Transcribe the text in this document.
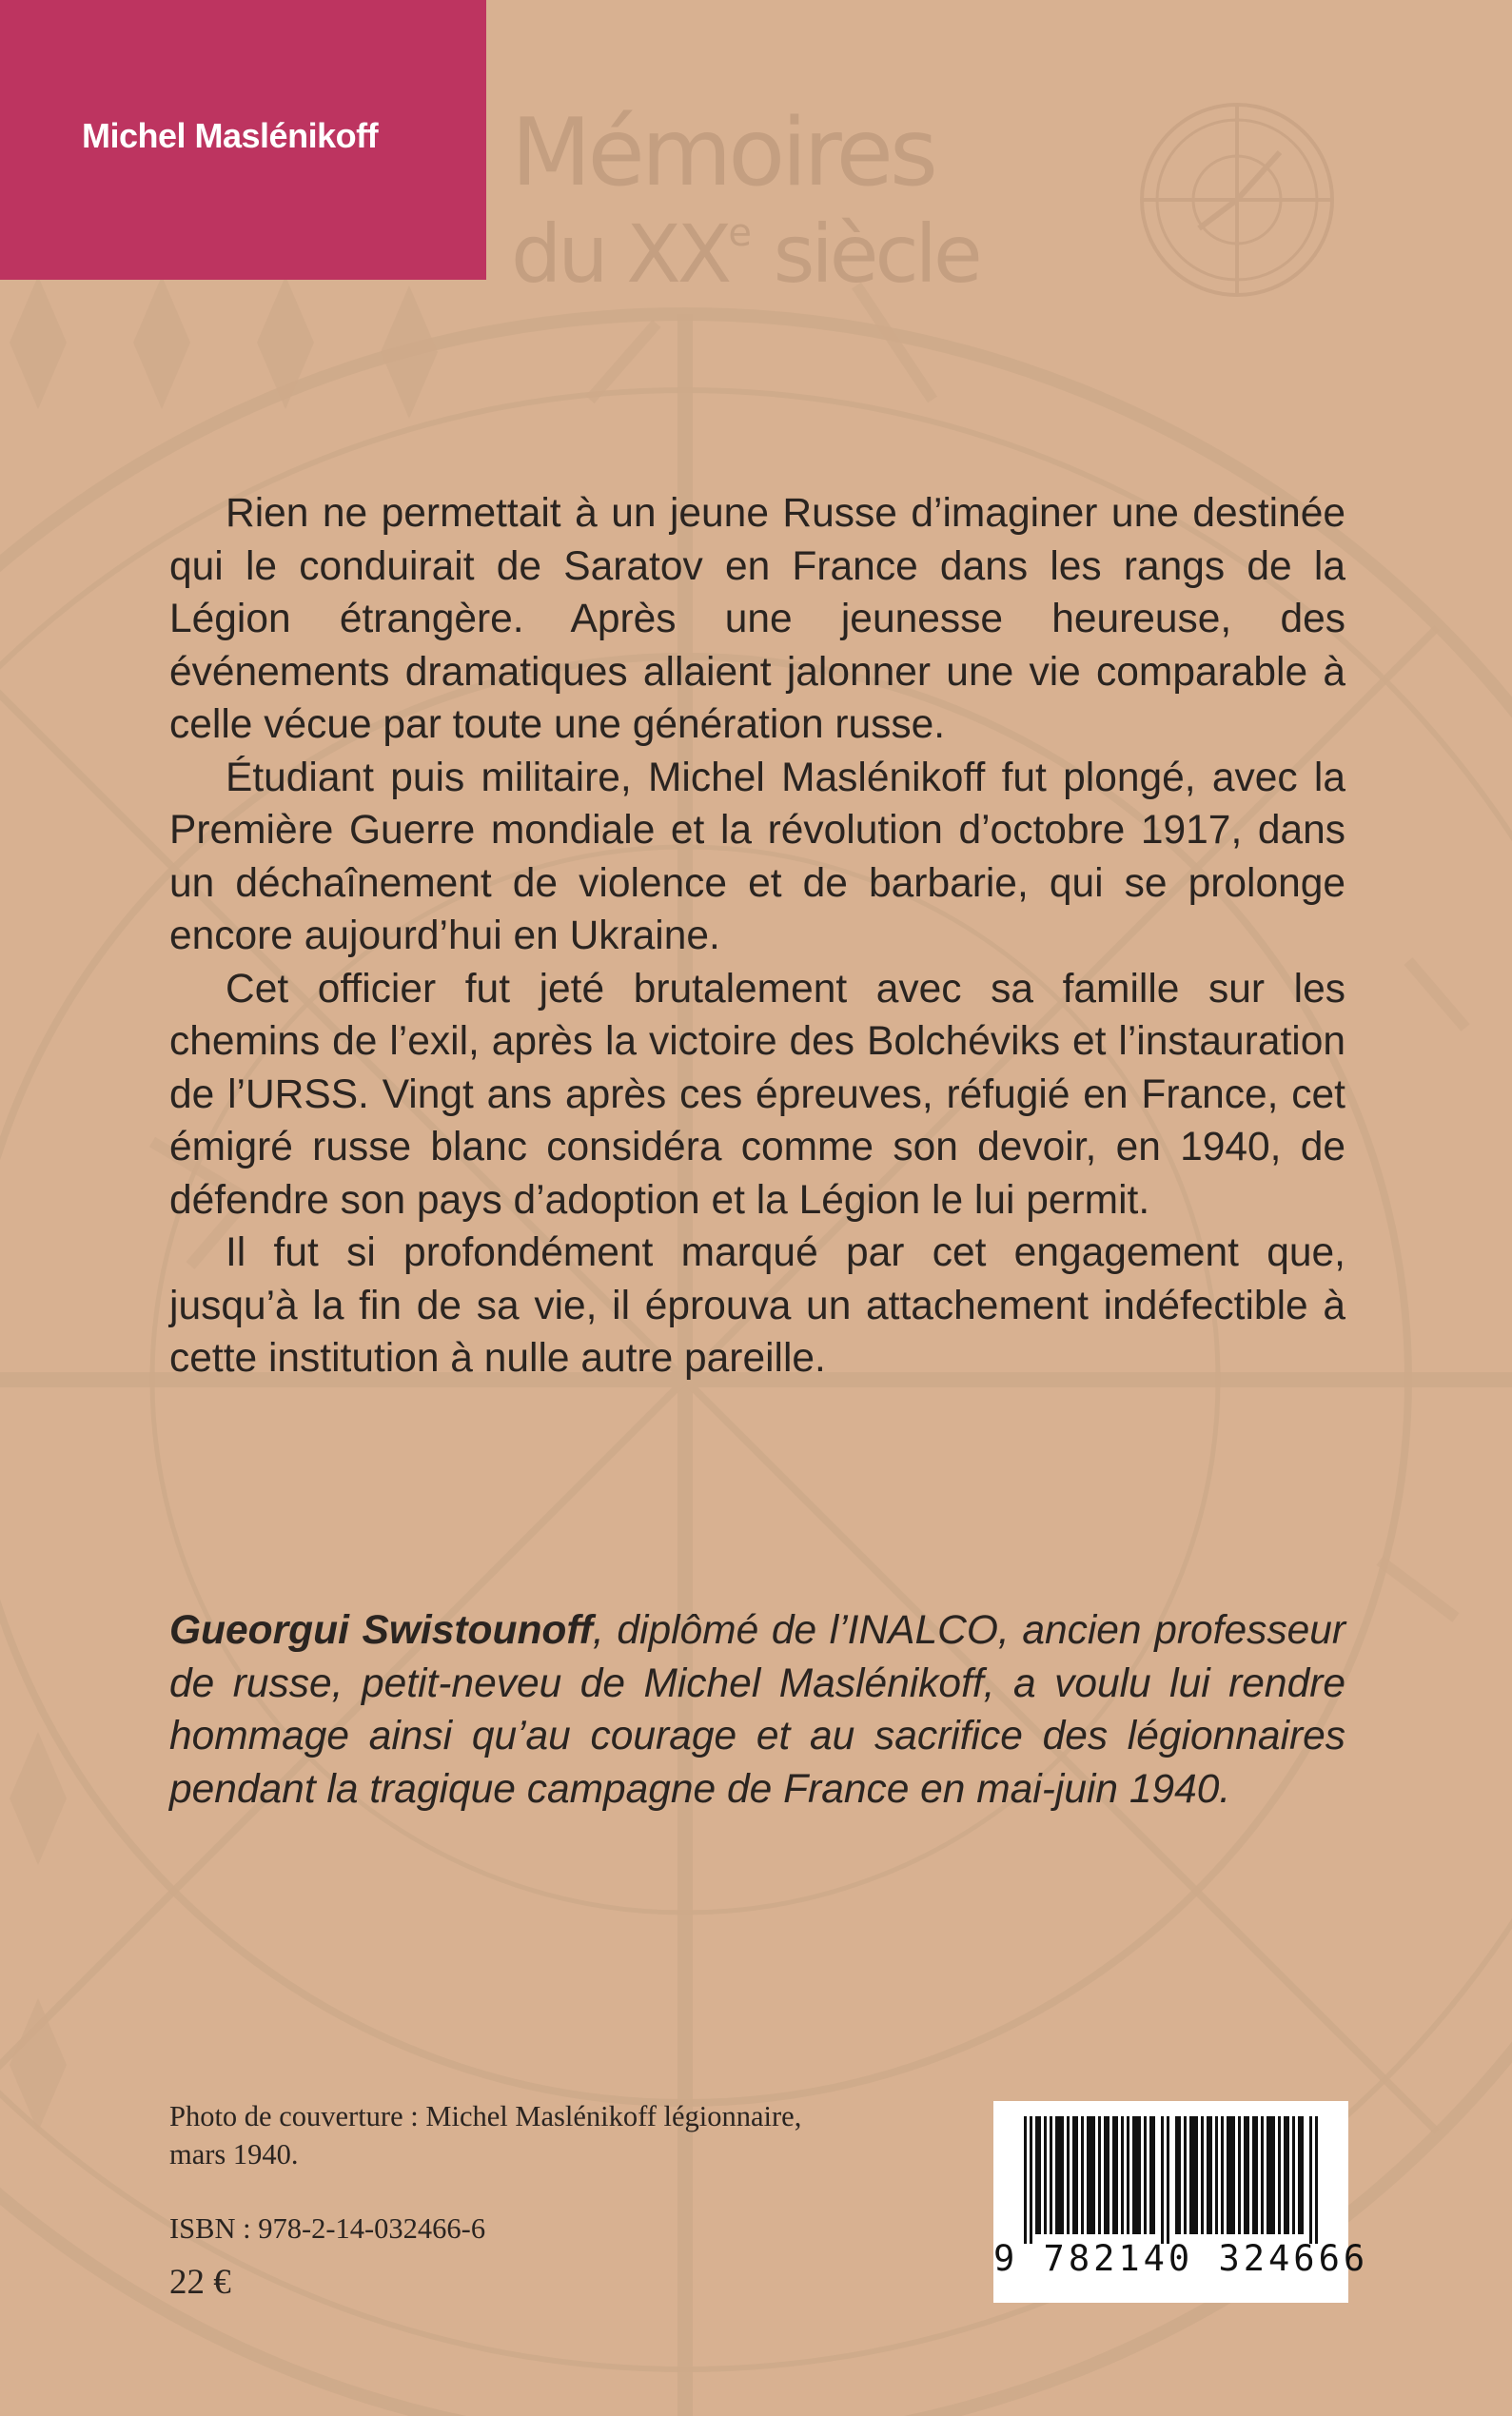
Michel Maslénikoff Mémoires
du XXe siècle

Rien ne permettait à un jeune Russe d’imaginer une destinée qui le conduirait de Saratov en France dans les rangs de la Légion étrangère. Après une jeunesse heureuse, des événements dramatiques allaient jalonner une vie comparable à celle vécue par toute une génération russe.

Étudiant puis militaire, Michel Maslénikoff fut plongé, avec la Première Guerre mondiale et la révolution d’octobre 1917, dans un déchaînement de violence et de barbarie, qui se prolonge encore aujourd’hui en Ukraine.

Cet officier fut jeté brutalement avec sa famille sur les chemins de l’exil, après la victoire des Bolchéviks et l’instauration de l’URSS. Vingt ans après ces épreuves, réfugié en France, cet émigré russe blanc considéra comme son devoir, en 1940, de défendre son pays d’adoption et la Légion le lui permit.

Il fut si profondément marqué par cet engagement que, jusqu’à la fin de sa vie, il éprouva un attachement indéfectible à cette institution à nulle autre pareille.

Gueorgui Swistounoff, diplômé de l’INALCO, ancien professeur de russe, petit-neveu de Michel Maslénikoff, a voulu lui rendre hommage ainsi qu’au courage et au sacrifice des légionnaires pendant la tragique campagne de France en mai-juin 1940.

Photo de couverture : Michel Maslénikoff légionnaire, mars 1940.
ISBN : 978-2-14-032466-6
22 €
9 782140 324666
